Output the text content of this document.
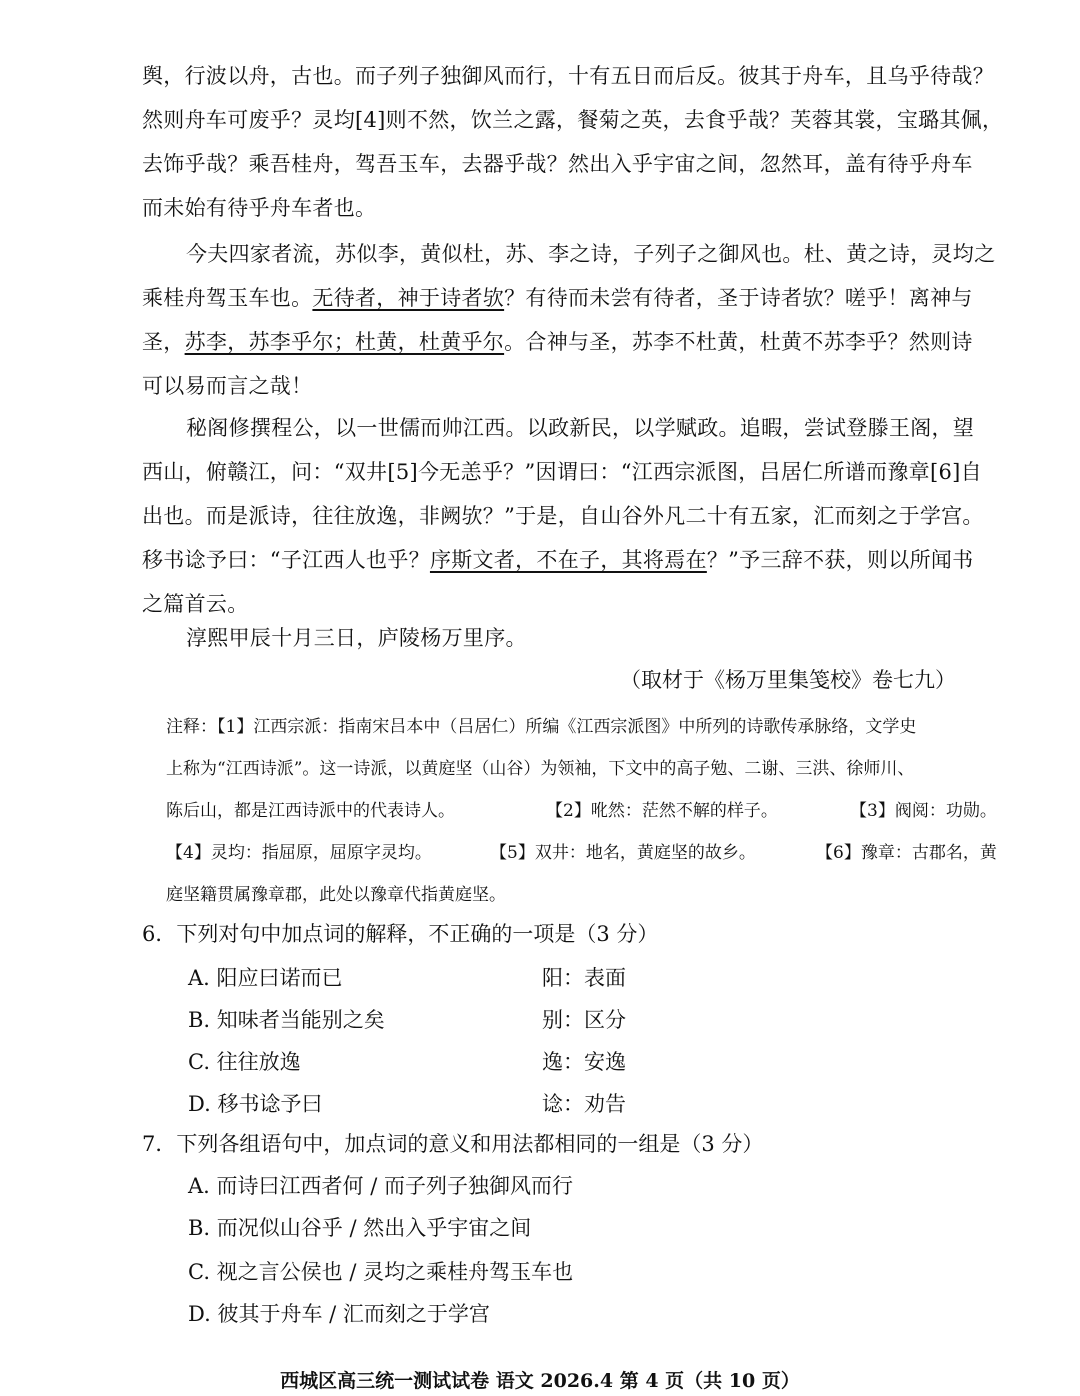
舆，行波以舟，古也。而子列子独御风而行，十有五日而后反。彼其于舟车，且乌乎待哉？
然则舟车可废乎？灵均[4]则不然，饮兰之露，餐菊之英，去食乎哉？芙蓉其裳，宝璐其佩，
去饰乎哉？乘吾桂舟，驾吾玉车，去器乎哉？然出入乎宇宙之间，忽然耳，盖有待乎舟车
而未始有待乎舟车者也。
今夫四家者流，苏似李，黄似杜，苏、李之诗，子列子之御风也。杜、黄之诗，灵均之
乘桂舟驾玉车也。无待者，神于诗者欤？有待而未尝有待者，圣于诗者欤？嗟乎！离神与
圣，苏李，苏李乎尔；杜黄，杜黄乎尔。合神与圣，苏李不杜黄，杜黄不苏李乎？然则诗
可以易而言之哉！
秘阁修撰程公，以一世儒而帅江西。以政新民，以学赋政。追暇，尝试登滕王阁，望
西山，俯赣江，问：“双井[5]今无恙乎？”因谓曰：“江西宗派图，吕居仁所谱而豫章[6]自
出也。而是派诗，往往放逸，非阙欤？”于是，自山谷外凡二十有五家，汇而刻之于学宫。
移书谂予曰：“子江西人也乎？序斯文者，不在子，其将焉在？”予三辞不获，则以所闻书
之篇首云。
淳熙甲辰十月三日，庐陵杨万里序。
（取材于《杨万里集笺校》卷七九）
注释：【1】江西宗派：指南宋吕本中（吕居仁）所编《江西宗派图》中所列的诗歌传承脉络，文学史
上称为“江西诗派”。这一诗派，以黄庭坚（山谷）为领袖，下文中的高子勉、二谢、三洪、徐师川、
陈后山，都是江西诗派中的代表诗人。	【2】吪然：茫然不解的样子。	【3】阀阅：功勋。
【4】灵均：指屈原，屈原字灵均。	【5】双井：地名，黄庭坚的故乡。	【6】豫章：古郡名，黄
庭坚籍贯属豫章郡，此处以豫章代指黄庭坚。
6．下列对句中加点词的解释，不正确的一项是（3 分）
A. 阳应曰诺而已	阳：表面
B. 知味者当能别之矣	别：区分
C. 往往放逸	逸：安逸
D. 移书谂予曰	谂：劝告
7．下列各组语句中，加点词的意义和用法都相同的一组是（3 分）
A. 而诗曰江西者何 / 而子列子独御风而行
B. 而况似山谷乎 / 然出入乎宇宙之间
C. 视之言公侯也 / 灵均之乘桂舟驾玉车也
D. 彼其于舟车 / 汇而刻之于学宫
西城区高三统一测试试卷 语文 2026.4 第 4 页（共 10 页）
